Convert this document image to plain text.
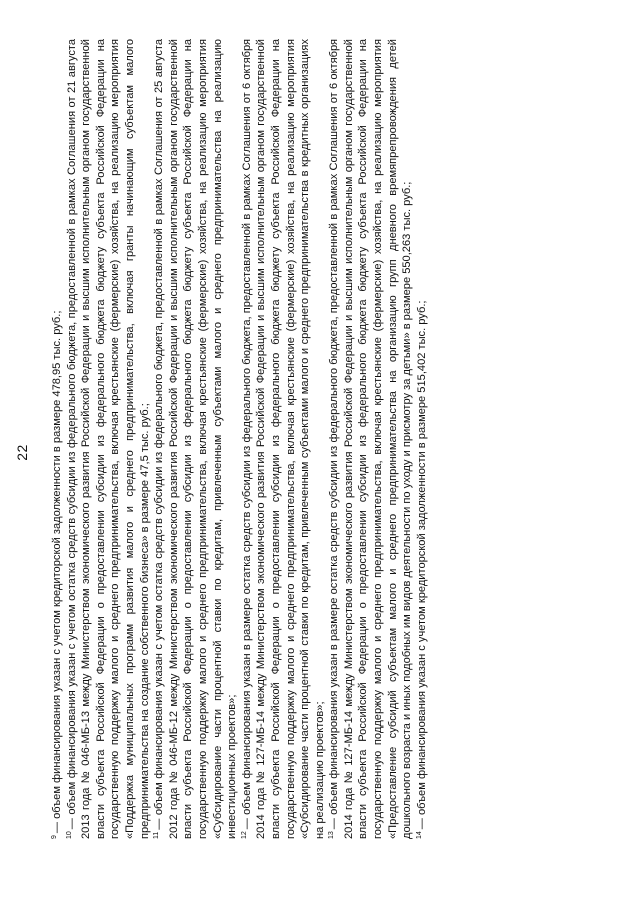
22

$^9$— объем финансирования указан с учетом кредиторской задолженности в размере 478,95 тыс. руб.;

$^{10}$— объем финансирования указан с учетом остатка средств субсидии из федерального бюджета, предоставленной в рамках Соглашения от 21 августа 2013 года № 046-МБ-13 между Министерством экономического развития Российской Федерации и высшим исполнительным органом государственной власти субъекта Российской Федерации о предоставлении субсидии из федерального бюджета бюджету субъекта Российской Федерации на государственную поддержку малого и среднего предпринимательства, включая крестьянские (фермерские) хозяйства, на реализацию мероприятия «Поддержка муниципальных программ развития малого и среднего предпринимательства, включая гранты начинающим субъектам малого предпринимательства на создание собственного бизнеса» в размере 47,5 тыс. руб.; $^{11}$— объем финансирования указан с учетом остатка средств субсидии из федерального бюджета, предоставленной в рамках Соглашения от 25 августа 2012 года № 046-МБ-12 между Министерством экономического развития Российской Федерации и высшим исполнительным органом государственной власти субъекта Российской Федерации о предоставлении субсидии из федерального бюджета бюджету субъекта Российской Федерации на государственную поддержку малого и среднего предпринимательства, включая крестьянские (фермерские) хозяйства, на реализацию мероприятия «Субсидирование части процентной ставки по кредитам, привлеченным субъектами малого и среднего предпринимательства на реализацию инвестиционных проектов»; $^{12}$— объем финансирования указан в размере остатка средств субсидии из федерального бюджета, предоставленной в рамках Соглашения от 6 октября 2014 года № 127-МБ-14 между Министерством экономического развития Российской Федерации и высшим исполнительным органом государственной власти субъекта Российской Федерации о предоставлении субсидии из федерального бюджета бюджету субъекта Российской Федерации на государственную поддержку малого и среднего предпринимательства, включая крестьянские (фермерские) хозяйства, на реализацию мероприятия «Субсидирование части процентной ставки по кредитам, привлеченным субъектами малого и среднего предпринимательства в кредитных организациях на реализацию проектов»; $^{13}$— объем финансирования указан в размере остатка средств субсидии из федерального бюджета, предоставленной в рамках Соглашения от 6 октября 2014 года № 127-МБ-14 между Министерством экономического развития Российской Федерации и высшим исполнительным органом государственной власти субъекта Российской Федерации о предоставлении субсидии из федерального бюджета бюджету субъекта Российской Федерации на государственную поддержку малого и среднего предпринимательства, включая крестьянские (фермерские) хозяйства, на реализацию мероприятия «Предоставление субсидий субъектам малого и среднего предпринимательства на организацию групп дневного времяпрепровождения детей дошкольного возраста и иных подобных им видов деятельности по уходу и присмотру за детьми» в размере 550,263 тыс. руб.; $^{14}$— объем финансирования указан с учетом кредиторской задолженности в размере 515,402 тыс. руб.;
